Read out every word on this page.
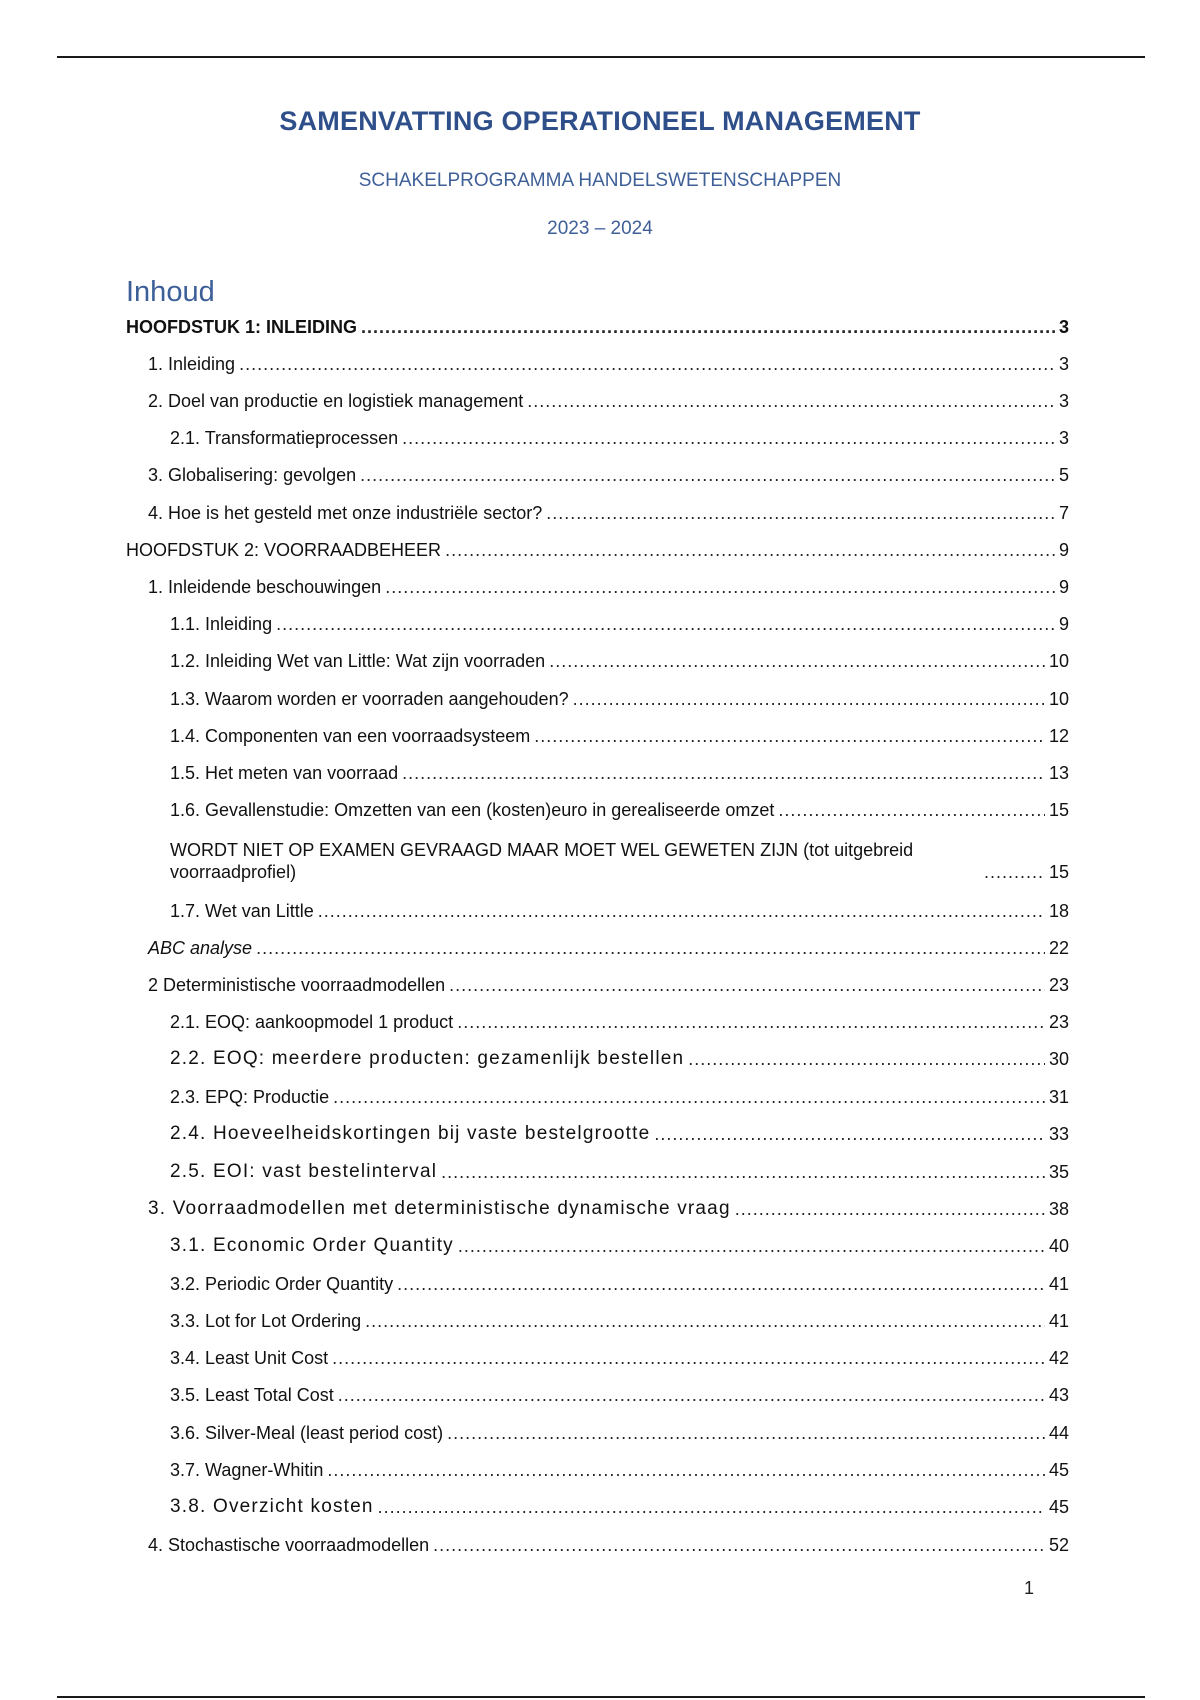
SAMENVATTING OPERATIONEEL MANAGEMENT
SCHAKELPROGRAMMA HANDELSWETENSCHAPPEN
2023 – 2024
Inhoud
HOOFDSTUK 1: INLEIDING .....	3
1. Inleiding .....	3
2. Doel van productie en logistiek management .....	3
2.1. Transformatieprocessen .....	3
3. Globalisering: gevolgen .....	5
4. Hoe is het gesteld met onze industriële sector? .....	7
HOOFDSTUK 2: VOORRAADBEHEER .....	9
1. Inleidende beschouwingen .....	9
1.1. Inleiding .....	9
1.2. Inleiding Wet van Little: Wat zijn voorraden .....	10
1.3. Waarom worden er voorraden aangehouden? .....	10
1.4. Componenten van een voorraadsysteem .....	12
1.5. Het meten van voorraad .....	13
1.6. Gevallenstudie: Omzetten van een (kosten)euro in gerealiseerde omzet .....	15
WORDT NIET OP EXAMEN GEVRAAGD MAAR MOET WEL GEWETEN ZIJN (tot uitgebreid voorraadprofiel) .....	15
1.7. Wet van Little .....	18
ABC analyse .....	22
2 Deterministische voorraadmodellen .....	23
2.1. EOQ: aankoopmodel 1 product .....	23
2.2. EOQ: meerdere producten: gezamenlijk bestellen .....	30
2.3. EPQ: Productie .....	31
2.4. Hoeveelheidskortingen bij vaste bestelgrootte .....	33
2.5. EOI: vast bestelinterval .....	35
3. Voorraadmodellen met deterministische dynamische vraag .....	38
3.1. Economic Order Quantity .....	40
3.2. Periodic Order Quantity .....	41
3.3. Lot for Lot Ordering .....	41
3.4. Least Unit Cost .....	42
3.5. Least Total Cost .....	43
3.6. Silver-Meal (least period cost) .....	44
3.7. Wagner-Whitin .....	45
3.8. Overzicht kosten .....	45
4. Stochastische voorraadmodellen .....	52
1
